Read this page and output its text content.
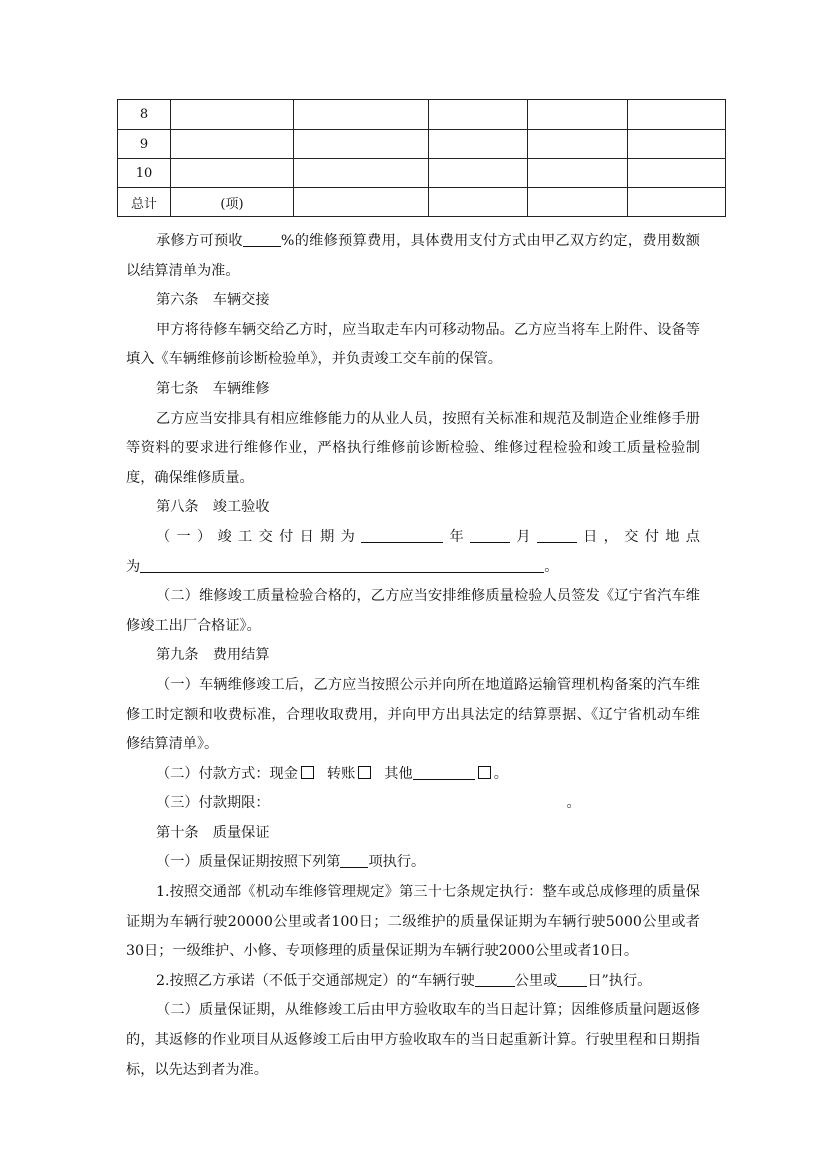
8					
9					
10					
总计	(项)				

承修方可预收	%的维修预算费用，具体费用支付方式由甲乙双方约定，费用数额以结算清单为准。

第六条　车辆交接

甲方将待修车辆交给乙方时，应当取走车内可移动物品。乙方应当将车上附件、设备等填入《车辆维修前诊断检验单》，并负责竣工交车前的保管。

第七条　车辆维修

乙方应当安排具有相应维修能力的从业人员，按照有关标准和规范及制造企业维修手册等资料的要求进行维修作业，严格执行维修前诊断检验、维修过程检验和竣工质量检验制度，确保维修质量。

第八条　竣工验收

（一）竣工交付日期为	年	月	日，交付地点

为	。

（二）维修竣工质量检验合格的，乙方应当安排维修质量检验人员签发《辽宁省汽车维修竣工出厂合格证》。

第九条　费用结算

（一）车辆维修竣工后，乙方应当按照公示并向所在地道路运输管理机构备案的汽车维修工时定额和收费标准，合理收取费用，并向甲方出具法定的结算票据、《辽宁省机动车维修结算清单》。

（二）付款方式：现金 转账 其他	。

（三）付款期限：	。

第十条　质量保证

（一）质量保证期按照下列第 项执行。

1.按照交通部《机动车维修管理规定》第三十七条规定执行：整车或总成修理的质量保证期为车辆行驶20000公里或者100日；二级维护的质量保证期为车辆行驶5000公里或者30日；一级维护、小修、专项修理的质量保证期为车辆行驶2000公里或者10日。

2.按照乙方承诺（不低于交通部规定）的“车辆行驶	公里或 日”执行。

（二）质量保证期，从维修竣工后由甲方验收取车的当日起计算；因维修质量问题返修的，其返修的作业项目从返修竣工后由甲方验收取车的当日起重新计算。行驶里程和日期指标，以先达到者为准。
